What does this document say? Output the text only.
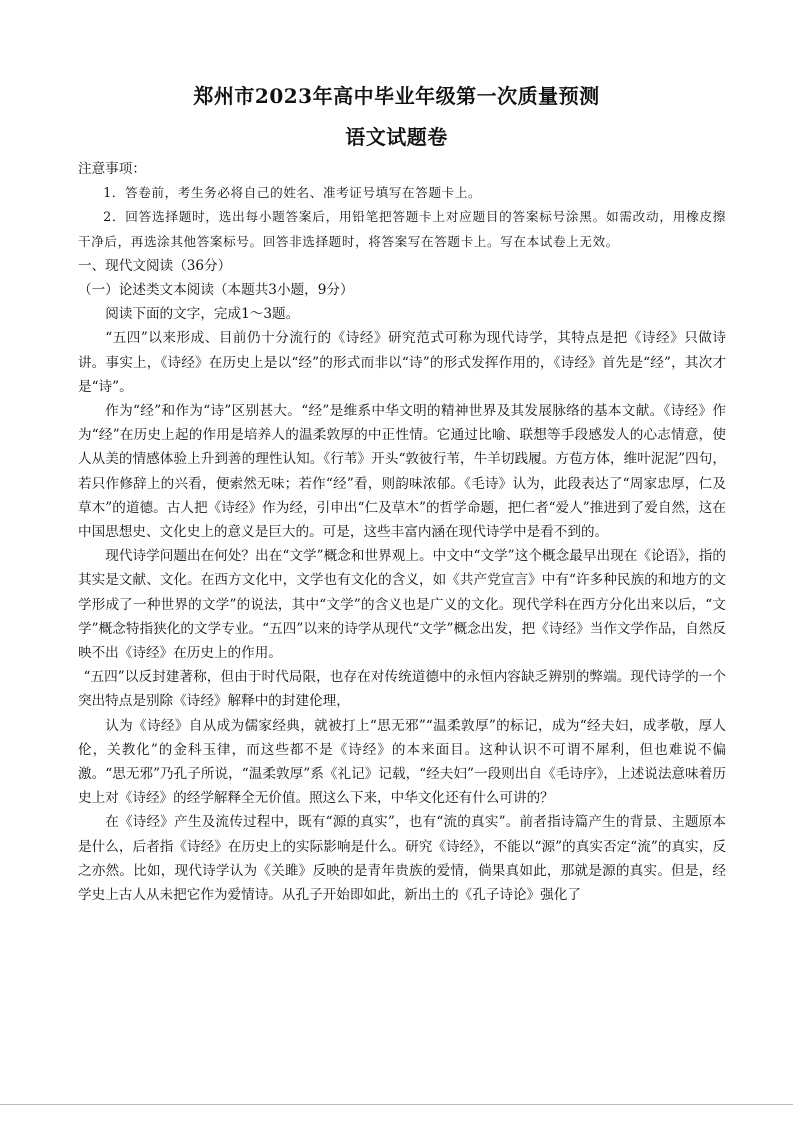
郑州市2023年高中毕业年级第一次质量预测
语文试题卷

注意事项：

1．答卷前，考生务必将自己的姓名、准考证号填写在答题卡上。

2．回答选择题时，选出每小题答案后，用铅笔把答题卡上对应题目的答案标号涂黑。如需改动，用橡皮擦干净后，再选涂其他答案标号。回答非选择题时，将答案写在答题卡上。写在本试卷上无效。

一、现代文阅读（36分）

（一）论述类文本阅读（本题共3小题，9分）

阅读下面的文字，完成1～3题。

“五四”以来形成、目前仍十分流行的《诗经》研究范式可称为现代诗学，其特点是把《诗经》只做诗讲。事实上，《诗经》在历史上是以“经”的形式而非以“诗”的形式发挥作用的，《诗经》首先是“经”，其次才是“诗”。

作为“经”和作为“诗”区别甚大。“经”是维系中华文明的精神世界及其发展脉络的基本文献。《诗经》作为“经”在历史上起的作用是培养人的温柔敦厚的中正性情。它通过比喻、联想等手段感发人的心志情意，使人从美的情感体验上升到善的理性认知。《行苇》开头“敦彼行苇，牛羊切践履。方苞方体，维叶泥泥”四句，若只作修辞上的兴看，便索然无味；若作“经”看，则韵味浓郁。《毛诗》认为，此段表达了“周家忠厚，仁及草木”的道德。古人把《诗经》作为经，引申出“仁及草木”的哲学命题，把仁者“爱人”推进到了爱自然，这在中国思想史、文化史上的意义是巨大的。可是，这些丰富内涵在现代诗学中是看不到的。

现代诗学问题出在何处？出在“文学”概念和世界观上。中文中“文学”这个概念最早出现在《论语》，指的其实是文献、文化。在西方文化中，文学也有文化的含义，如《共产党宣言》中有“许多种民族的和地方的文学形成了一种世界的文学”的说法，其中“文学”的含义也是广义的文化。现代学科在西方分化出来以后，“文学”概念特指狭化的文学专业。“五四”以来的诗学从现代“文学”概念出发，把《诗经》当作文学作品，自然反映不出《诗经》在历史上的作用。

“五四”以反封建著称，但由于时代局限，也存在对传统道德中的永恒内容缺乏辨别的弊端。现代诗学的一个突出特点是别除《诗经》解释中的封建伦理，

认为《诗经》自从成为儒家经典，就被打上“思无邪”“温柔敦厚”的标记，成为“经夫妇，成孝敬，厚人伦，关教化”的金科玉律，而这些都不是《诗经》的本来面目。这种认识不可谓不犀利，但也难说不偏激。“思无邪”乃孔子所说，“温柔敦厚”系《礼记》记载，“经夫妇”一段则出自《毛诗序》，上述说法意味着历史上对《诗经》的经学解释全无价值。照这么下来，中华文化还有什么可讲的？

在《诗经》产生及流传过程中，既有“源的真实”，也有“流的真实”。前者指诗篇产生的背景、主题原本是什么，后者指《诗经》在历史上的实际影响是什么。研究《诗经》，不能以“源”的真实否定“流”的真实，反之亦然。比如，现代诗学认为《关雎》反映的是青年贵族的爱情，倘果真如此，那就是源的真实。但是，经学史上古人从未把它作为爱情诗。从孔子开始即如此，新出土的《孔子诗论》强化了
